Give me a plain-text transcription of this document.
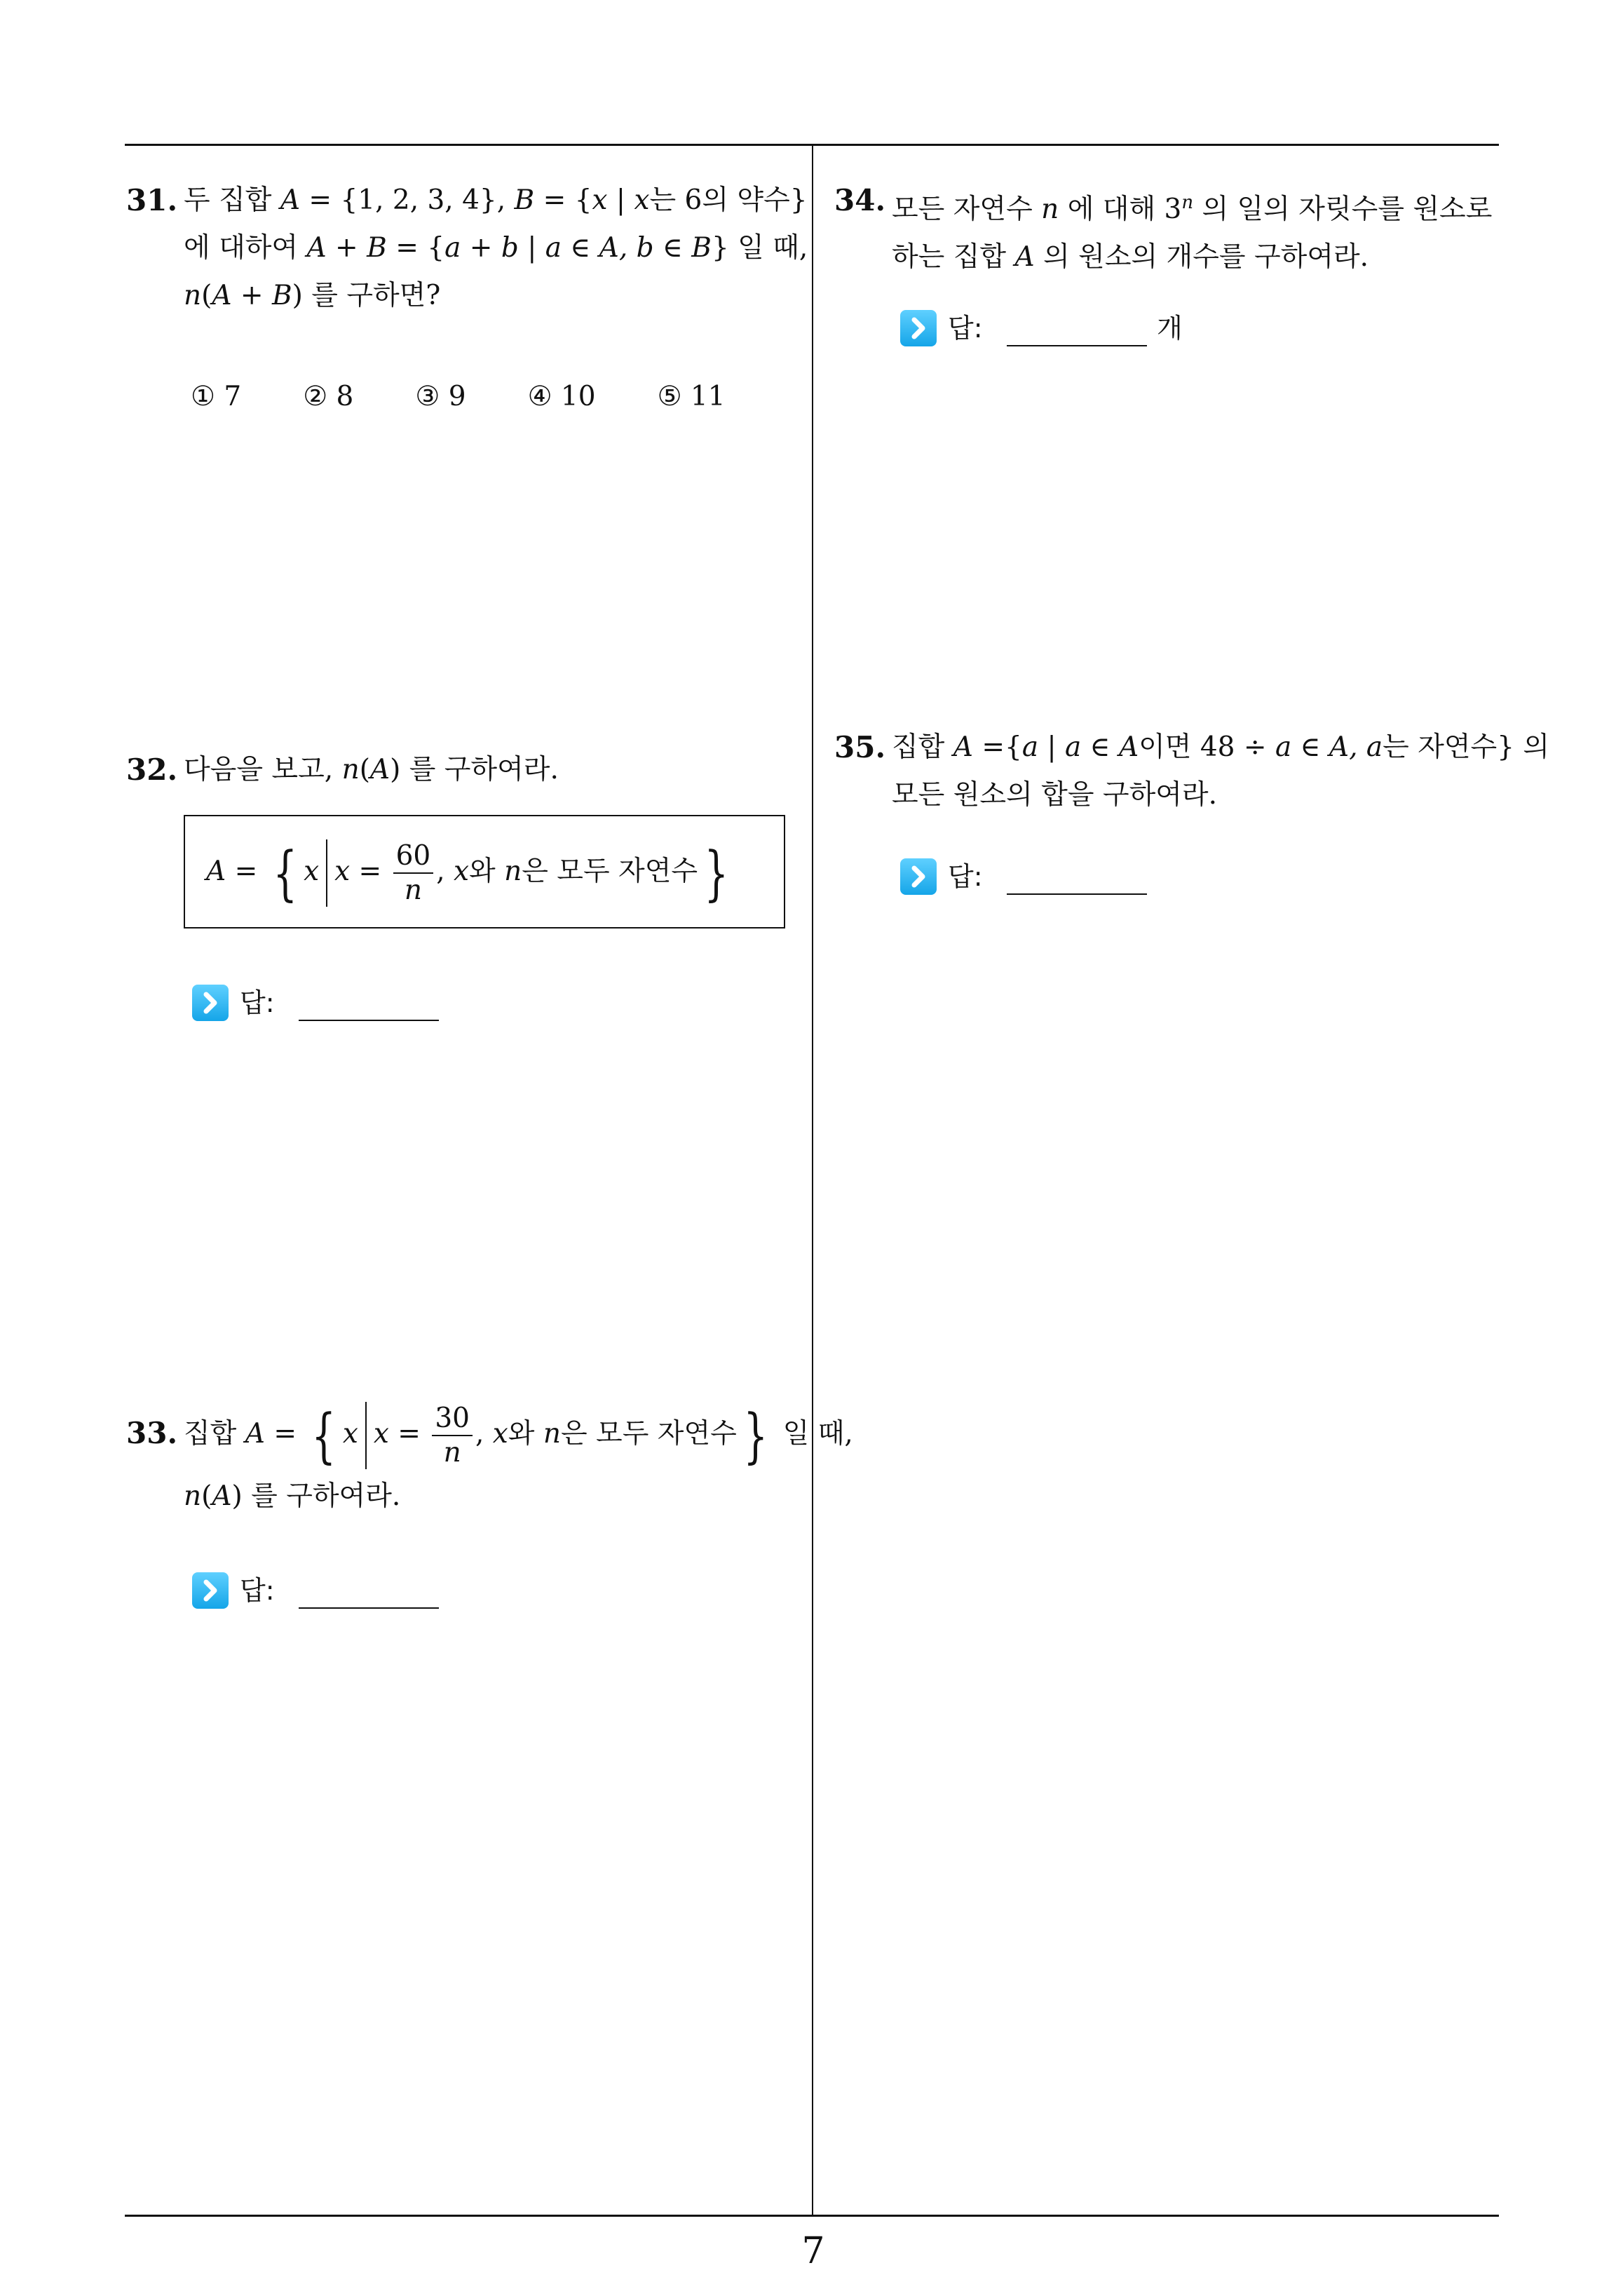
31. 두 집합 A = {1, 2, 3, 4}, B = {x | x는 6의 약수}
에 대하여 A + B = {a + b | a ∈ A, b ∈ B} 일 때,
n(A + B) 를 구하면?
① 7 ② 8 ③ 9 ④ 10 ⑤ 11
32. 다음을 보고, n(A) 를 구하여라.
A = { x $x = \frac{60}{n}$ , x와 n은 모두 자연수 }
답:
33. 집합 A = { x $x = \frac{30}{n}$ , x와 n은 모두 자연수 } 일 때,
n(A) 를 구하여라.
답:
34. 모든 자연수 n 에 대해 3$^n$ 의 일의 자릿수를 원소로
하는 집합 A 의 원소의 개수를 구하여라.
답:	개
35. 집합 A ={a | a ∈ A이면 48 ÷ a ∈ A, a는 자연수} 의
모든 원소의 합을 구하여라.
답:
7
